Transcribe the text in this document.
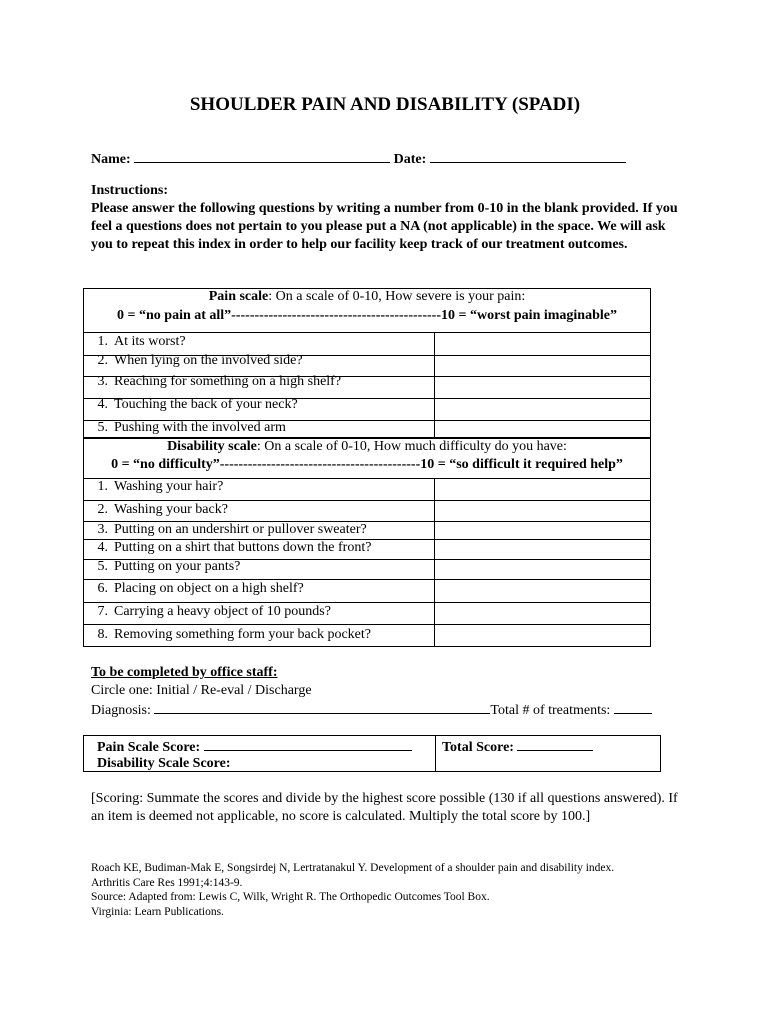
SHOULDER PAIN AND DISABILITY (SPADI)
Name:	Date:
Instructions:
Please answer the following questions by writing a number from 0-10 in the blank provided. If you feel a questions does not pertain to you please put a NA (not applicable) in the space. We will ask you to repeat this index in order to help our facility keep track of our treatment outcomes.
Pain scale: On a scale of 0-10, How severe is your pain:
0 = “no pain at all”---------------------------------------------10 = “worst pain imaginable”
1. At its worst?
2. When lying on the involved side?
3. Reaching for something on a high shelf?
4. Touching the back of your neck?
5. Pushing with the involved arm
Disability scale: On a scale of 0-10, How much difficulty do you have:
0 = “no difficulty”-------------------------------------------10 = “so difficult it required help”
1. Washing your hair?
2. Washing your back?
3. Putting on an undershirt or pullover sweater?
4. Putting on a shirt that buttons down the front?
5. Putting on your pants?
6. Placing on object on a high shelf?
7. Carrying a heavy object of 10 pounds?
8. Removing something form your back pocket?
To be completed by office staff:
Circle one: Initial / Re-eval / Discharge
Diagnosis:	Total # of treatments:
Pain Scale Score:
Disability Scale Score:
Total Score:
[Scoring: Summate the scores and divide by the highest score possible (130 if all questions answered). If an item is deemed not applicable, no score is calculated. Multiply the total score by 100.]
Roach KE, Budiman-Mak E, Songsirdej N, Lertratanakul Y. Development of a shoulder pain and disability index.
Arthritis Care Res 1991;4:143-9.
Source: Adapted from: Lewis C, Wilk, Wright R. The Orthopedic Outcomes Tool Box.
Virginia: Learn Publications.
